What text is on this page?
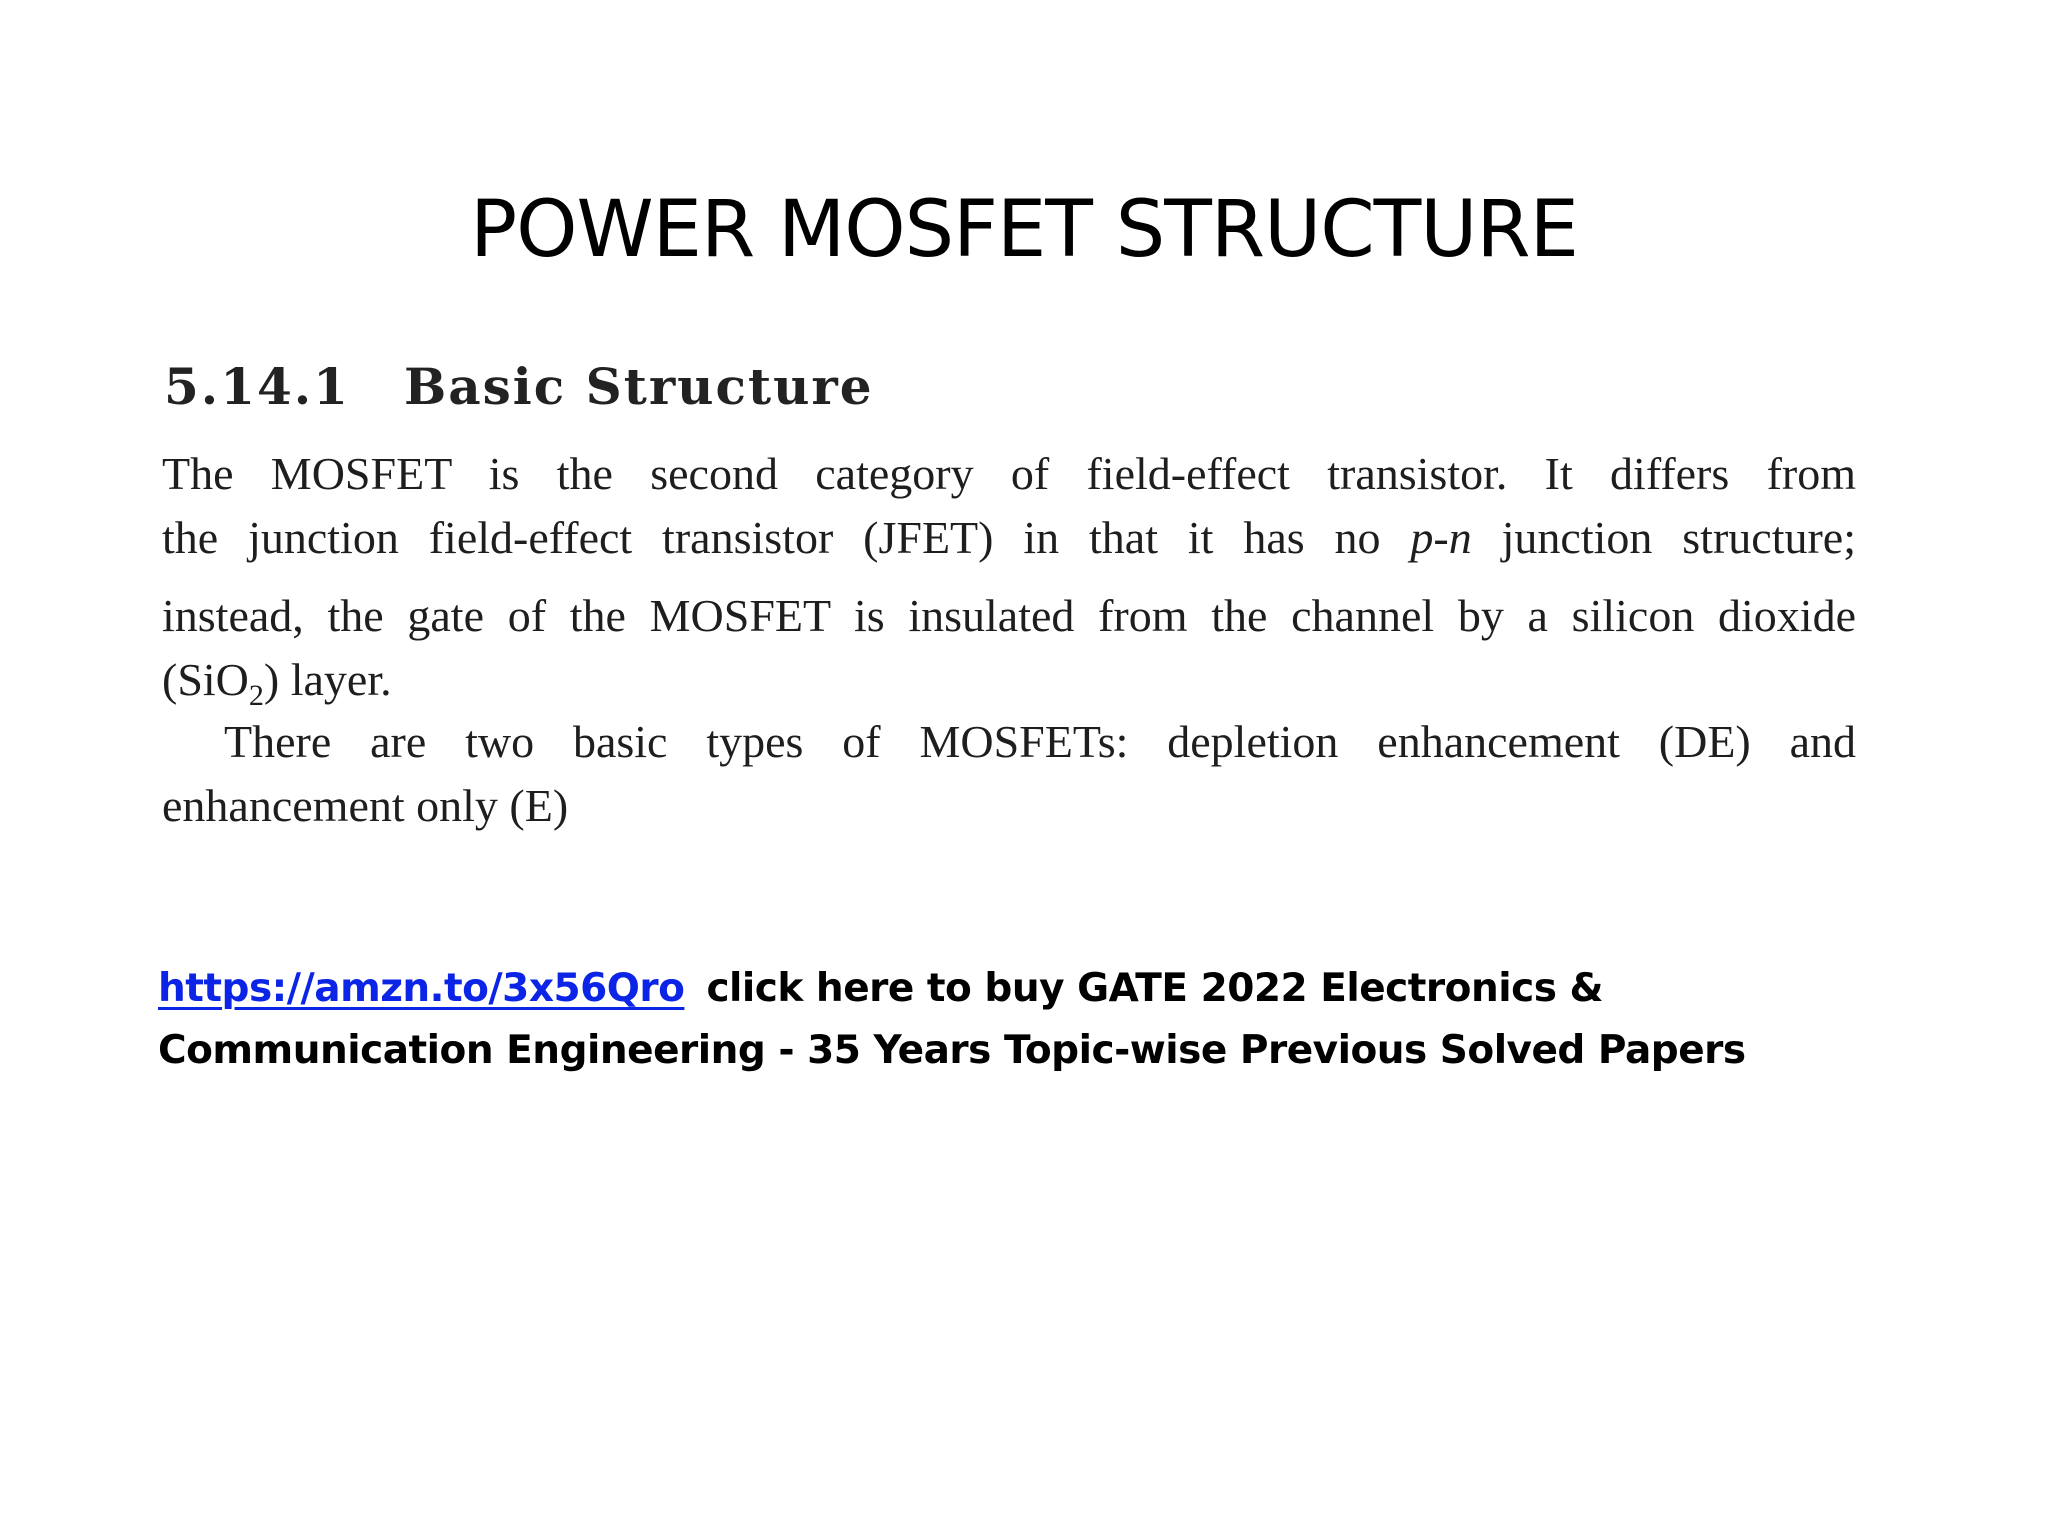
POWER MOSFET STRUCTURE
5.14.1 Basic Structure
The MOSFET is the second category of field-effect transistor. It differs from
the junction field-effect transistor (JFET) in that it has no p-n junction structure;
instead, the gate of the MOSFET is insulated from the channel by a silicon dioxide
(SiO$_2$) layer.
There are two basic types of MOSFETs: depletion enhancement (DE) and
enhancement only (E)
https://amzn.to/3x56Qro click here to buy GATE 2022 Electronics &
Communication Engineering - 35 Years Topic-wise Previous Solved Papers
